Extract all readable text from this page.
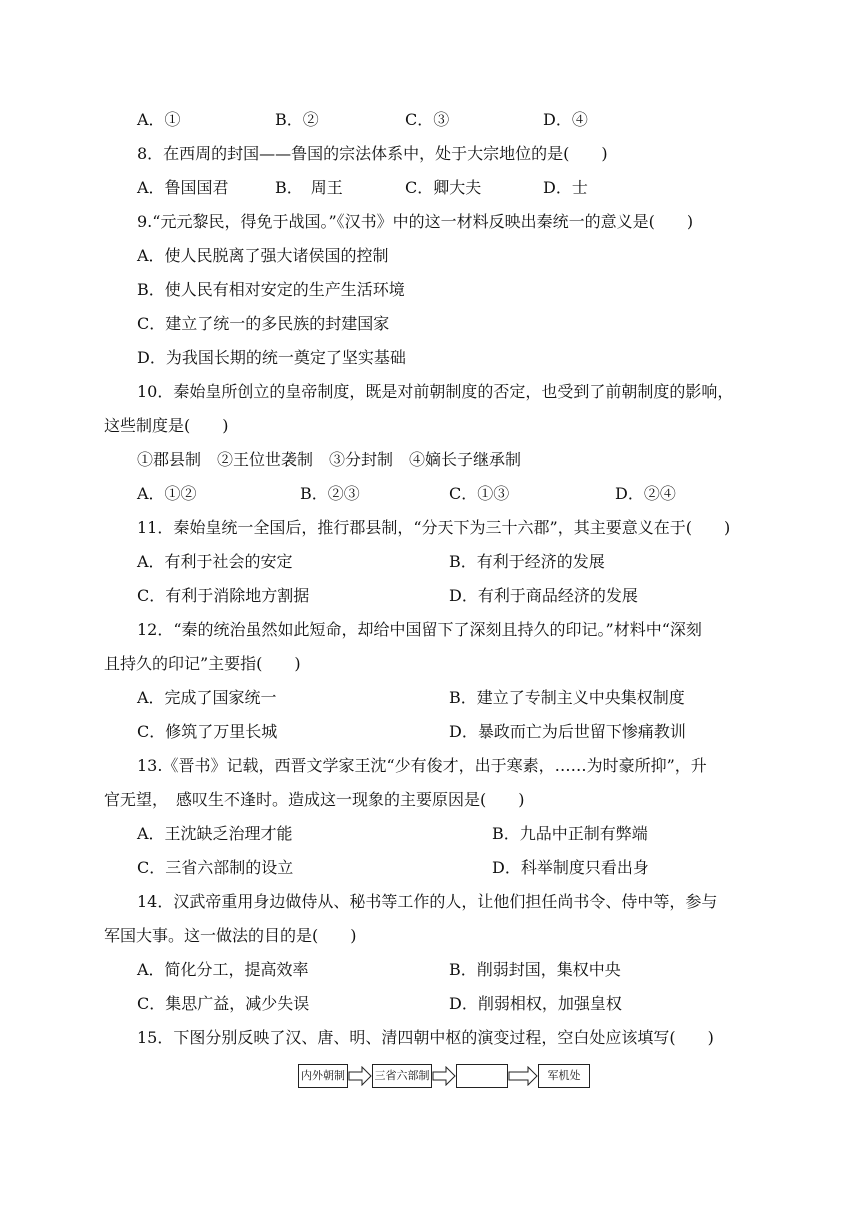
A．①	B．②	C．③	D．④
8．在西周的封国——鲁国的宗法体系中，处于大宗地位的是(　　)
A．鲁国国君	B．　周王	C．卿大夫	D．士
9.“元元黎民，得免于战国。”《汉书》中的这一材料反映出秦统一的意义是(　　)
A．使人民脱离了强大诸侯国的控制
B．使人民有相对安定的生产生活环境
C．建立了统一的多民族的封建国家
D．为我国长期的统一奠定了坚实基础
10．秦始皇所创立的皇帝制度，既是对前朝制度的否定，也受到了前朝制度的影响，
这些制度是(　　)
①郡县制　②王位世袭制　③分封制　④嫡长子继承制
A．①②	B．②③	C．①③	D．②④
11．秦始皇统一全国后，推行郡县制，“分天下为三十六郡”，其主要意义在于(　　)
A．有利于社会的安定	B．有利于经济的发展
C．有利于消除地方割据	D．有利于商品经济的发展
12．“秦的统治虽然如此短命，却给中国留下了深刻且持久的印记。”材料中“深刻
且持久的印记”主要指(　　)
A．完成了国家统一	B．建立了专制主义中央集权制度
C．修筑了万里长城	D．暴政而亡为后世留下惨痛教训
13.《晋书》记载，西晋文学家王沈“少有俊才，出于寒素，……为时豪所抑”，升
官无望，　感叹生不逢时。造成这一现象的主要原因是(　　)
A．王沈缺乏治理才能	B．九品中正制有弊端
C．三省六部制的设立	D．科举制度只看出身
14．汉武帝重用身边做侍从、秘书等工作的人，让他们担任尚书令、侍中等，参与
军国大事。这一做法的目的是(　　)
A．简化分工，提高效率	B．削弱封国，集权中央
C．集思广益，减少失误	D．削弱相权，加强皇权
15．下图分别反映了汉、唐、明、清四朝中枢的演变过程，空白处应该填写(　　)
内外朝制	三省六部制	军机处
